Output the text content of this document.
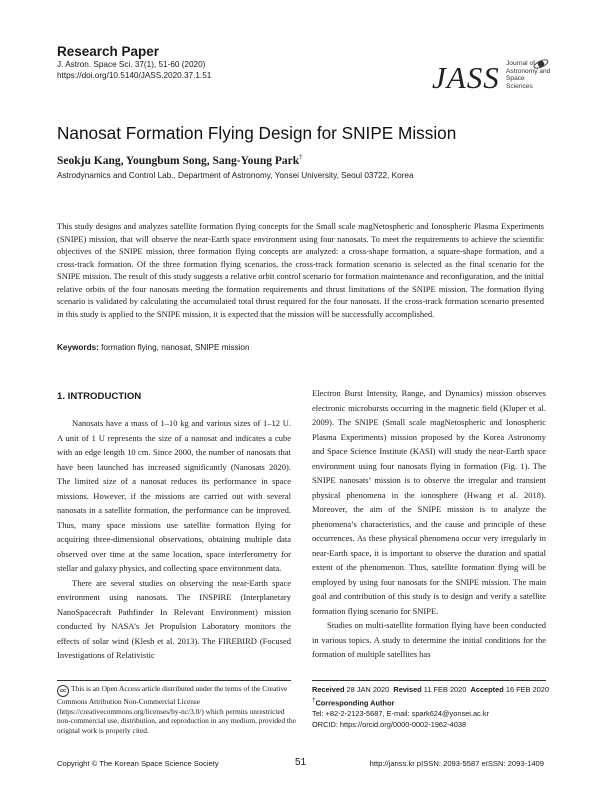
Research Paper
J. Astron. Space Sci. 37(1), 51-60 (2020)
https://doi.org/10.5140/JASS.2020.37.1.51	JASS Journal of
Astronomy and
Space Sciences
Nanosat Formation Flying Design for SNIPE Mission
Seokju Kang, Youngbum Song, Sang-Young Park†
Astrodynamics and Control Lab., Department of Astronomy, Yonsei University, Seoul 03722, Korea

This study designs and analyzes satellite formation flying concepts for the Small scale magNetospheric and Ionospheric Plasma Experiments (SNIPE) mission, that will observe the near-Earth space environment using four nanosats. To meet the requirements to achieve the scientific objectives of the SNIPE mission, three formation flying concepts are analyzed: a cross-shape formation, a square-shape formation, and a cross-track formation. Of the three formation flying scenarios, the cross-track formation scenario is selected as the final scenario for the SNIPE mission. The result of this study suggests a relative orbit control scenario for formation maintenance and reconfiguration, and the initial relative orbits of the four nanosats meeting the formation requirements and thrust limitations of the SNIPE mission. The formation flying scenario is validated by calculating the accumulated total thrust required for the four nanosats. If the cross-track formation scenario presented in this study is applied to the SNIPE mission, it is expected that the mission will be successfully accomplished.

Keywords: formation flying, nanosat, SNIPE mission
1. INTRODUCTION

Nanosats have a mass of 1–10 kg and various sizes of 1–12 U. A unit of 1 U represents the size of a nanosat and indicates a cube with an edge length 10 cm. Since 2000, the number of nanosats that have been launched has increased significantly (Nanosats 2020). The limited size of a nanosat reduces its performance in space missions. However, if the missions are carried out with several nanosats in a satellite formation, the performance can be improved. Thus, many space missions use satellite formation flying for acquiring three-dimensional observations, obtaining multiple data observed over time at the same location, space interferometry for stellar and galaxy physics, and collecting space environment data.

There are several studies on observing the near-Earth space environment using nanosats. The INSPIRE (Interplanetary NanoSpacecraft Pathfinder In Relevant Environment) mission conducted by NASA’s Jet Propulsion Laboratory monitors the effects of solar wind (Klesh et al. 2013). The FIREBIRD (Focused Investigations of Relativistic

Electron Burst Intensity, Range, and Dynamics) mission observes electronic microbursts occurring in the magnetic field (Kluper et al. 2009). The SNIPE (Small scale magNetospheric and Ionospheric Plasma Experiments) mission proposed by the Korea Astronomy and Space Science Institute (KASI) will study the near-Earth space environment using four nanosats flying in formation (Fig. 1). The SNIPE nanosats’ mission is to observe the irregular and transient physical phenomena in the ionosphere (Hwang et al. 2018). Moreover, the aim of the SNIPE mission is to analyze the phenomena’s characteristics, and the cause and principle of these occurrences. As these physical phenomena occur very irregularly in near-Earth space, it is important to observe the duration and spatial extent of the phenomenon. Thus, satellite formation flying will be employed by using four nanosats for the SNIPE mission. The main goal and contribution of this study is to design and verify a satellite formation flying scenario for SNIPE.

Studies on multi-satellite formation flying have been conducted in various topics. A study to determine the initial conditions for the formation of multiple satellites has

cc This is an Open Access article distributed under the terms of the Creative Commons Attribution Non-Commercial License (https://creativecommons.org/licenses/by-nc/3.0/) which permits unrestricted non-commercial use, distribution, and reproduction in any medium, provided the original work is properly cited.
Received 28 JAN 2020 Revised 11 FEB 2020 Accepted 16 FEB 2020
†Corresponding Author
Tel: +82-2-2123-5687, E-mail: spark624@yonsei.ac.kr
ORCID: https://orcid.org/0000-0002-1962-4038
Copyright © The Korean Space Science Society	51	http://janss.kr pISSN: 2093-5587 eISSN: 2093-1409
